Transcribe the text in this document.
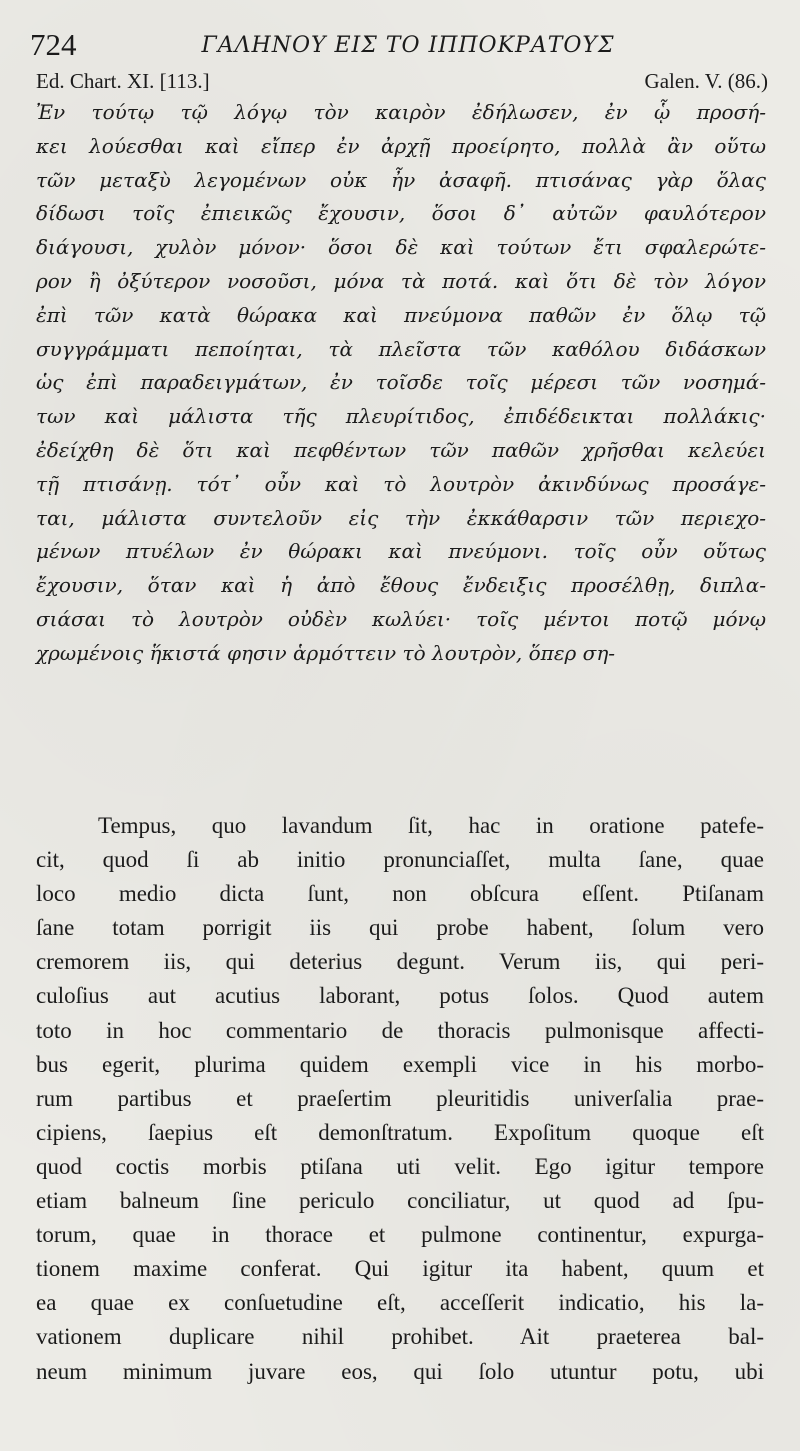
724	ΓΑΛΗΝΟΥ ΕΙΣ ΤΟ ΙΠΠΟΚΡΑΤΟΥΣ
Ed. Chart. XI. [113.]	Galen. V. (86.)
Ἐν τούτῳ τῷ λόγῳ τὸν καιρὸν ἐδήλωσεν, ἐν ᾧ προσή-
κει λούεσθαι καὶ εἴπερ ἐν ἀρχῇ προείρητο, πολλὰ ἂν οὕτω
τῶν μεταξὺ λεγομένων οὐκ ἦν ἀσαφῆ. πτισάνας γὰρ ὅλας
δίδωσι τοῖς ἐπιεικῶς ἔχουσιν, ὅσοι δ᾽ αὐτῶν φαυλότερον
διάγουσι, χυλὸν μόνον· ὅσοι δὲ καὶ τούτων ἔτι σφαλερώτε-
ρον ἢ ὀξύτερον νοσοῦσι, μόνα τὰ ποτά. καὶ ὅτι δὲ τὸν λόγον
ἐπὶ τῶν κατὰ θώρακα καὶ πνεύμονα παθῶν ἐν ὅλῳ τῷ
συγγράμματι πεποίηται, τὰ πλεῖστα τῶν καθόλου διδάσκων
ὡς ἐπὶ παραδειγμάτων, ἐν τοῖσδε τοῖς μέρεσι τῶν νοσημά-
των καὶ μάλιστα τῆς πλευρίτιδος, ἐπιδέδεικται πολλάκις·
ἐδείχθη δὲ ὅτι καὶ πεφθέντων τῶν παθῶν χρῆσθαι κελεύει
τῇ πτισάνῃ. τότ᾽ οὖν καὶ τὸ λουτρὸν ἀκινδύνως προσάγε-
ται, μάλιστα συντελοῦν εἰς τὴν ἐκκάθαρσιν τῶν περιεχο-
μένων πτυέλων ἐν θώρακι καὶ πνεύμονι. τοῖς οὖν οὕτως
ἔχουσιν, ὅταν καὶ ἡ ἀπὸ ἔθους ἔνδειξις προσέλθῃ, διπλα-
σιάσαι τὸ λουτρὸν οὐδὲν κωλύει· τοῖς μέντοι ποτῷ μόνῳ
χρωμένοις ἥκιστά φησιν ἁρμόττειν τὸ λουτρὸν, ὅπερ ση-
Tempus, quo lavandum ſit, hac in oratione patefe-
cit, quod ſi ab initio pronunciaſſet, multa ſane, quae
loco medio dicta ſunt, non obſcura eſſent. Ptiſanam
ſane totam porrigit iis qui probe habent, ſolum vero
cremorem iis, qui deterius degunt. Verum iis, qui peri-
culoſius aut acutius laborant, potus ſolos. Quod autem
toto in hoc commentario de thoracis pulmonisque affecti-
bus egerit, plurima quidem exempli vice in his morbo-
rum partibus et praeſertim pleuritidis univerſalia prae-
cipiens, ſaepius eſt demonſtratum. Expoſitum quoque eſt
quod coctis morbis ptiſana uti velit. Ego igitur tempore
etiam balneum ſine periculo conciliatur, ut quod ad ſpu-
torum, quae in thorace et pulmone continentur, expurga-
tionem maxime conferat. Qui igitur ita habent, quum et
ea quae ex conſuetudine eſt, acceſſerit indicatio, his la-
vationem duplicare nihil prohibet. Ait praeterea bal-
neum minimum juvare eos, qui ſolo utuntur potu, ubi
